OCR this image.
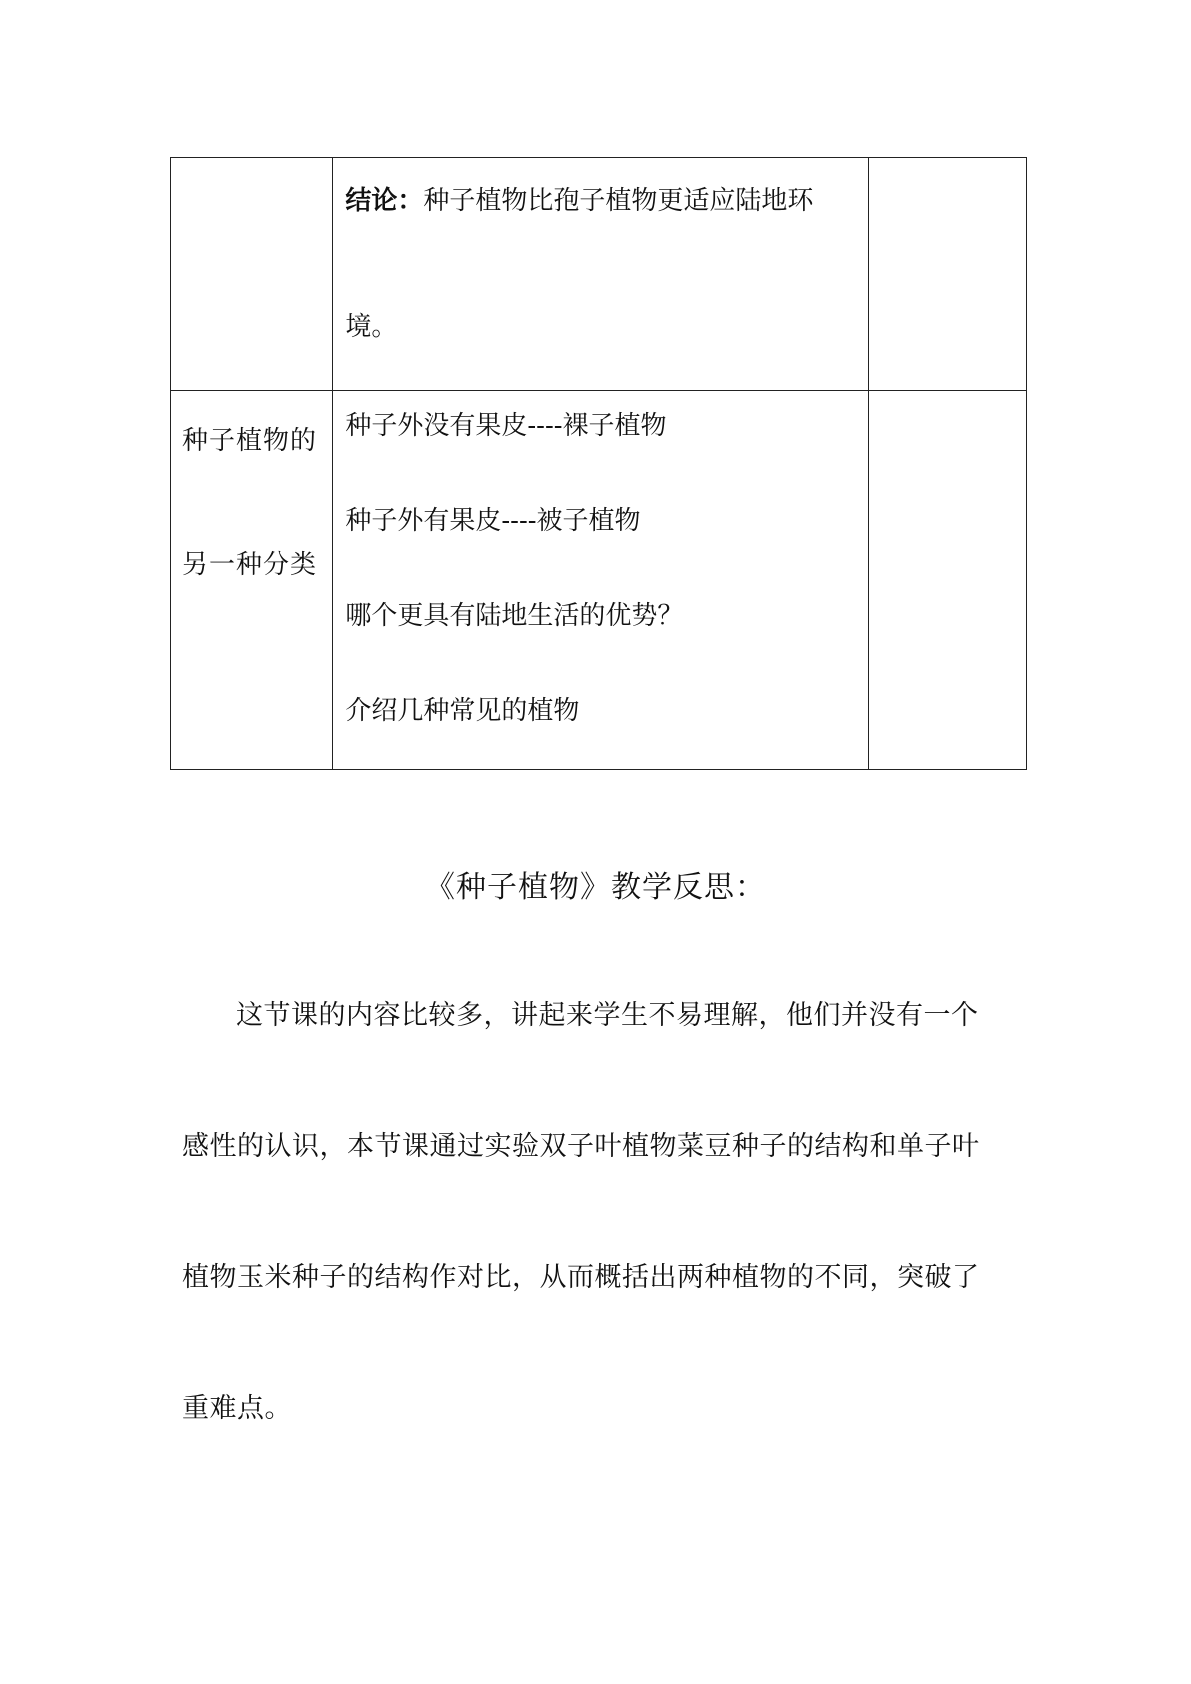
	结论：种子植物比孢子植物更适应陆地环境。	

种子植物的
另一种分类	种子外没有果皮----裸子植物
种子外有果皮----被子植物
哪个更具有陆地生活的优势？
介绍几种常见的植物	

《种子植物》教学反思：

这节课的内容比较多，讲起来学生不易理解，他们并没有一个
感性的认识，本节课通过实验双子叶植物菜豆种子的结构和单子叶
植物玉米种子的结构作对比，从而概括出两种植物的不同，突破了
重难点。
